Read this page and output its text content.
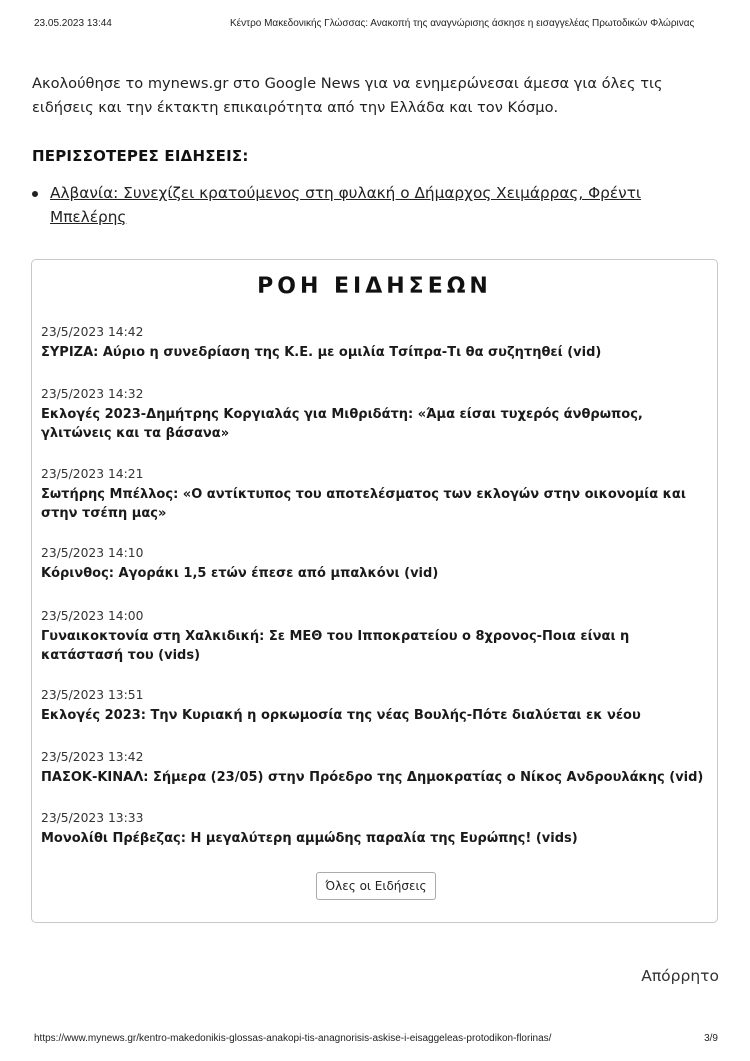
23.05.2023 13:44	Κέντρο Μακεδονικής Γλώσσας: Ανακοπή της αναγνώρισης άσκησε η εισαγγελέας Πρωτοδικών Φλώρινας

Ακολούθησε το mynews.gr στο Google News για να ενημερώνεσαι άμεσα για όλες τις ειδήσεις και την έκτακτη επικαιρότητα από την Ελλάδα και τον Κόσμο.

ΠΕΡΙΣΣΟΤΕΡΕΣ ΕΙΔΗΣΕΙΣ:
Αλβανία: Συνεχίζει κρατούμενος στη φυλακή ο Δήμαρχος Χειμάρρας, Φρέντι Μπελέρης
ΡΟΗ ΕΙΔΗΣΕΩΝ
23/5/2023 14:42
ΣΥΡΙΖΑ: Αύριο η συνεδρίαση της Κ.Ε. με ομιλία Τσίπρα-Τι θα συζητηθεί (vid)
23/5/2023 14:32
Εκλογές 2023-Δημήτρης Κοργιαλάς για Μιθριδάτη: «Άμα είσαι τυχερός άνθρωπος, γλιτώνεις και τα βάσανα»
23/5/2023 14:21
Σωτήρης Μπέλλος: «Ο αντίκτυπος του αποτελέσματος των εκλογών στην οικονομία και στην τσέπη μας»
23/5/2023 14:10
Κόρινθος: Αγοράκι 1,5 ετών έπεσε από μπαλκόνι (vid)
23/5/2023 14:00
Γυναικοκτονία στη Χαλκιδική: Σε ΜΕΘ του Ιπποκρατείου ο 8χρονος-Ποια είναι η κατάστασή του (vids)
23/5/2023 13:51
Εκλογές 2023: Την Κυριακή η ορκωμοσία της νέας Βουλής-Πότε διαλύεται εκ νέου
23/5/2023 13:42
ΠΑΣΟΚ-ΚΙΝΑΛ: Σήμερα (23/05) στην Πρόεδρο της Δημοκρατίας ο Νίκος Ανδρουλάκης (vid)
23/5/2023 13:33
Μονολίθι Πρέβεζας: Η μεγαλύτερη αμμώδης παραλία της Ευρώπης! (vids)
Όλες οι Ειδήσεις
Απόρρητο
https://www.mynews.gr/kentro-makedonikis-glossas-anakopi-tis-anagnorisis-askise-i-eisaggeleas-protodikon-florinas/	3/9
